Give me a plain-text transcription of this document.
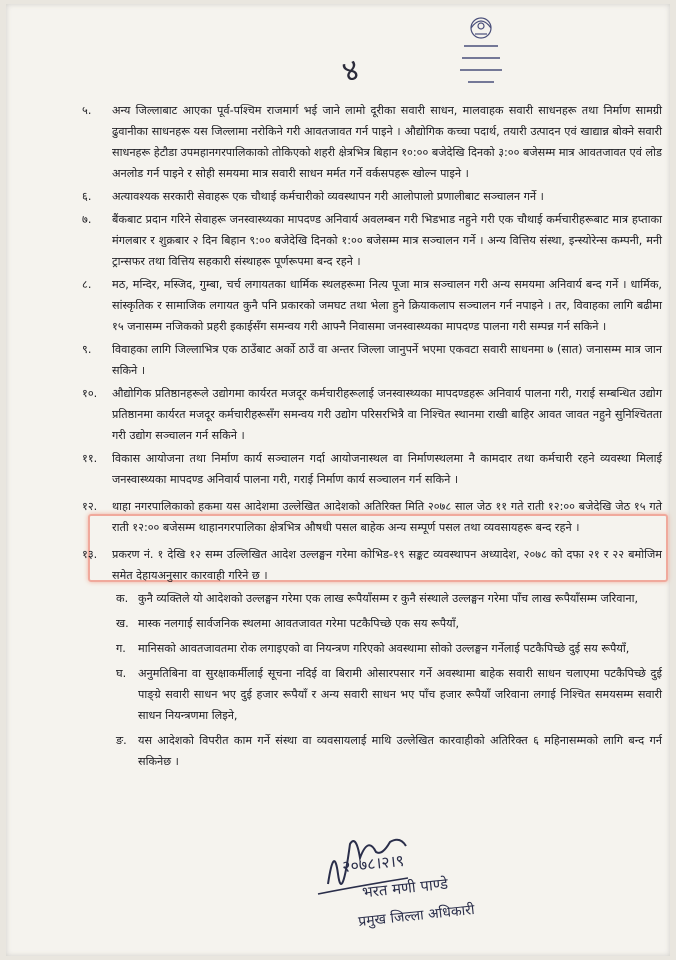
४
५.	अन्य जिल्लाबाट आएका पूर्व-पश्चिम राजमार्ग भई जाने लामो दूरीका सवारी साधन, मालवाहक सवारी साधनहरू तथा निर्माण सामग्री ढुवानीका साधनहरू यस जिल्लामा नरोकिने गरी आवतजावत गर्न पाइने । औद्योगिक कच्चा पदार्थ, तयारी उत्पादन एवं खाद्यान्न बोक्ने सवारी साधनहरू हेटौडा उपमहानगरपालिकाको तोकिएको शहरी क्षेत्रभित्र बिहान १०:०० बजेदेखि दिनको ३:०० बजेसम्म मात्र आवतजावत एवं लोड अनलोड गर्न पाइने र सोही समयमा मात्र सवारी साधन मर्मत गर्ने वर्कसपहरू खोल्न पाइने ।
६.	अत्यावश्यक सरकारी सेवाहरू एक चौथाई कर्मचारीको व्यवस्थापन गरी आलोपालो प्रणालीबाट सञ्चालन गर्ने ।
७.	बैंकबाट प्रदान गरिने सेवाहरू जनस्वास्थ्यका मापदण्ड अनिवार्य अवलम्बन गरी भिडभाड नहुने गरी एक चौथाई कर्मचारीहरूबाट मात्र हप्ताका मंगलबार र शुक्रबार २ दिन बिहान ९:०० बजेदेखि दिनको १:०० बजेसम्म मात्र सञ्चालन गर्ने । अन्य वित्तिय संस्था, इन्स्योरेन्स कम्पनी, मनी ट्रान्सफर तथा वित्तिय सहकारी संस्थाहरू पूर्णरूपमा बन्द रहने ।
८.	मठ, मन्दिर, मस्जिद, गुम्बा, चर्च लगायतका धार्मिक स्थलहरूमा नित्य पूजा मात्र सञ्चालन गरी अन्य समयमा अनिवार्य बन्द गर्ने । धार्मिक, सांस्कृतिक र सामाजिक लगायत कुनै पनि प्रकारको जमघट तथा भेला हुने क्रियाकलाप सञ्चालन गर्न नपाइने । तर, विवाहका लागि बढीमा १५ जनासम्म नजिकको प्रहरी इकाईसँग समन्वय गरी आफ्नै निवासमा जनस्वास्थ्यका मापदण्ड पालना गरी सम्पन्न गर्न सकिने ।
९.	विवाहका लागि जिल्लाभित्र एक ठाउँबाट अर्को ठाउँ वा अन्तर जिल्ला जानुपर्ने भएमा एकवटा सवारी साधनमा ७ (सात) जनासम्म मात्र जान सकिने ।
१०.	औद्योगिक प्रतिष्ठानहरूले उद्योगमा कार्यरत मजदूर कर्मचारीहरूलाई जनस्वास्थ्यका मापदण्डहरू अनिवार्य पालना गरी, गराई सम्बन्धित उद्योग प्रतिष्ठानमा कार्यरत मजदूर कर्मचारीहरूसँग समन्वय गरी उद्योग परिसरभित्रै वा निश्चित स्थानमा राखी बाहिर आवत जावत नहुने सुनिश्चितता गरी उद्योग सञ्चालन गर्न सकिने ।
११.	विकास आयोजना तथा निर्माण कार्य सञ्चालन गर्दा आयोजनास्थल वा निर्माणस्थलमा नै कामदार तथा कर्मचारी रहने व्यवस्था मिलाई जनस्वास्थ्यका मापदण्ड अनिवार्य पालना गरी, गराई निर्माण कार्य सञ्चालन गर्न सकिने ।
१२.	थाहा नगरपालिकाको हकमा यस आदेशमा उल्लेखित आदेशको अतिरिक्त मिति २०७८ साल जेठ ११ गते राती १२:०० बजेदेखि जेठ १५ गते राती १२:०० बजेसम्म थाहानगरपालिका क्षेत्रभित्र औषधी पसल बाहेक अन्य सम्पूर्ण पसल तथा व्यवसायहरू बन्द रहने ।
१३.	प्रकरण नं. १ देखि १२ सम्म उल्लिखित आदेश उल्लङ्घन गरेमा कोभिड-१९ सङ्कट व्यवस्थापन अध्यादेश, २०७८ को दफा २१ र २२ बमोजिम समेत देहायअनुसार कारवाही गरिने छ ।
क. कुनै व्यक्तिले यो आदेशको उल्लङ्घन गरेमा एक लाख रूपैयाँसम्म र कुनै संस्थाले उल्लङ्घन गरेमा पाँच लाख रूपैयाँसम्म जरिवाना,
ख. मास्क नलगाई सार्वजनिक स्थलमा आवतजावत गरेमा पटकैपिच्छे एक सय रूपैयाँ,
ग.	मानिसको आवतजावतमा रोक लगाइएको वा नियन्त्रण गरिएको अवस्थामा सोको उल्लङ्घन गर्नेलाई पटकैपिच्छे दुई सय रूपैयाँ,
घ.	अनुमतिबिना वा सुरक्षाकर्मीलाई सूचना नदिई वा बिरामी ओसारपसार गर्ने अवस्थामा बाहेक सवारी साधन चलाएमा पटकैपिच्छे दुई पाङ्ग्रे सवारी साधन भए दुई हजार रूपैयाँ र अन्य सवारी साधन भए पाँच हजार रूपैयाँ जरिवाना लगाई निश्चित समयसम्म सवारी साधन नियन्त्रणमा लिइने,
ङ.	यस आदेशको विपरीत काम गर्ने संस्था वा व्यवसायलाई माथि उल्लेखित कारवाहीको अतिरिक्त ६ महिनासम्मको लागि बन्द गर्न सकिनेछ ।
२०७८।२।९
भरत मणी पाण्डे
प्रमुख जिल्ला अधिकारी
